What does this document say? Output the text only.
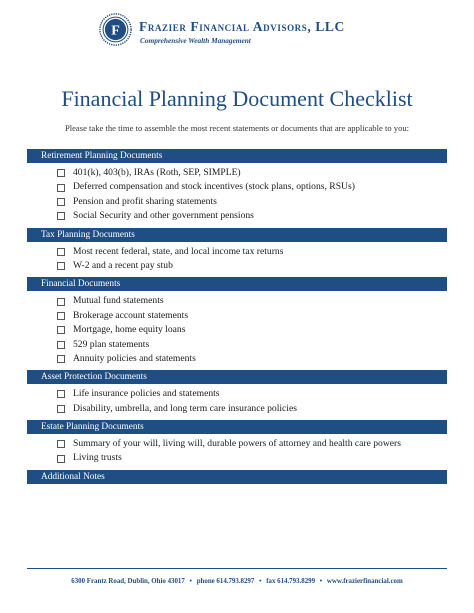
F Frazier Financial Advisors, LLC
Comprehensive Wealth Management
Financial Planning Document Checklist
Please take the time to assemble the most recent statements or documents that are applicable to you:
Retirement Planning Documents
401(k), 403(b), IRAs (Roth, SEP, SIMPLE)
Deferred compensation and stock incentives (stock plans, options, RSUs)
Pension and profit sharing statements
Social Security and other government pensions
Tax Planning Documents
Most recent federal, state, and local income tax returns
W-2 and a recent pay stub
Financial Documents
Mutual fund statements
Brokerage account statements
Mortgage, home equity loans
529 plan statements
Annuity policies and statements
Asset Protection Documents
Life insurance policies and statements
Disability, umbrella, and long term care insurance policies
Estate Planning Documents
Summary of your will, living will, durable powers of attorney and health care powers
Living trusts
Additional Notes
6300 Frantz Road, Dublin, Ohio 43017 • phone 614.793.8297 • fax 614.793.8299 • www.frazierfinancial.com
